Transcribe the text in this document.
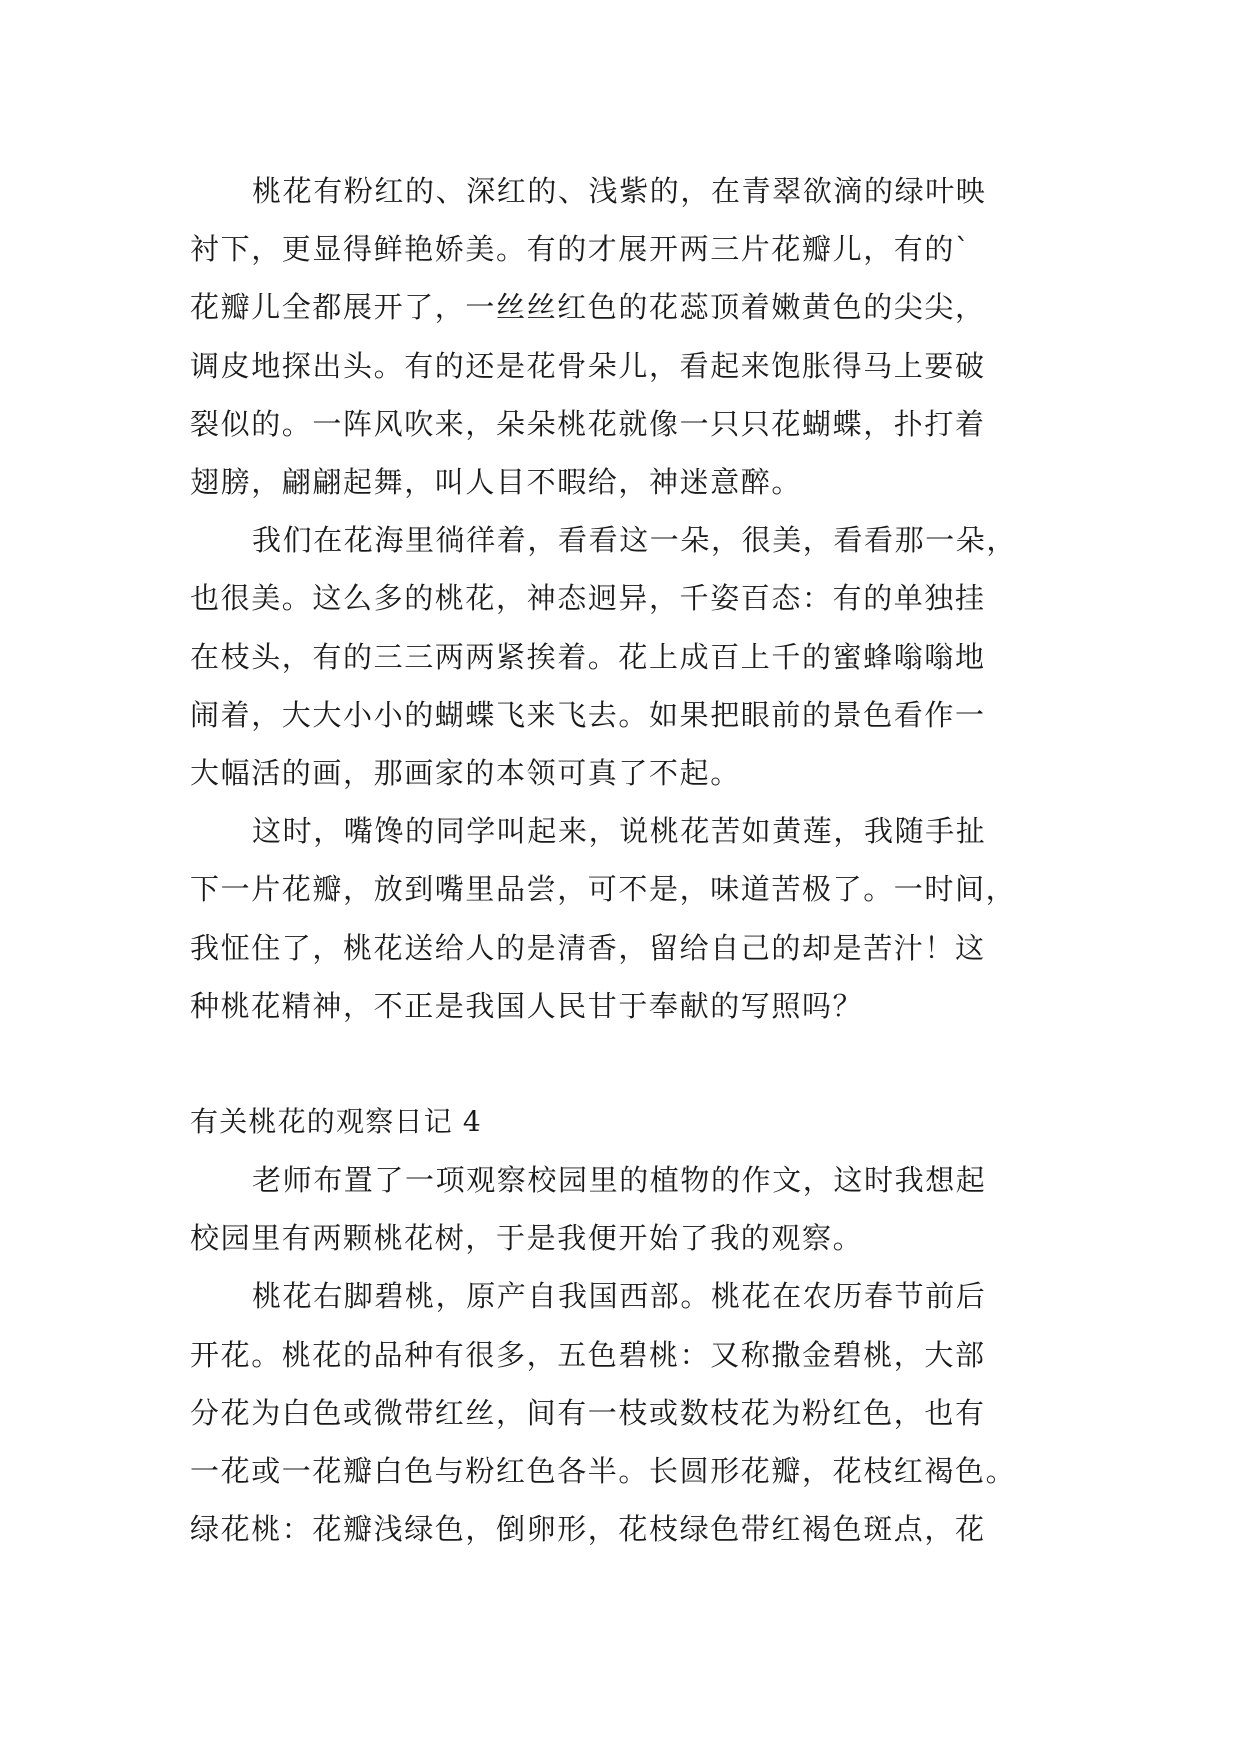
桃花有粉红的、深红的、浅紫的，在青翠欲滴的绿叶映
衬下，更显得鲜艳娇美。有的才展开两三片花瓣儿，有的`
花瓣儿全都展开了，一丝丝红色的花蕊顶着嫩黄色的尖尖，
调皮地探出头。有的还是花骨朵儿，看起来饱胀得马上要破
裂似的。一阵风吹来，朵朵桃花就像一只只花蝴蝶，扑打着
翅膀，翩翩起舞，叫人目不暇给，神迷意醉。
我们在花海里徜徉着，看看这一朵，很美，看看那一朵，
也很美。这么多的桃花，神态迥异，千姿百态：有的单独挂
在枝头，有的三三两两紧挨着。花上成百上千的蜜蜂嗡嗡地
闹着，大大小小的蝴蝶飞来飞去。如果把眼前的景色看作一
大幅活的画，那画家的本领可真了不起。
这时，嘴馋的同学叫起来，说桃花苦如黄莲，我随手扯
下一片花瓣，放到嘴里品尝，可不是，味道苦极了。一时间，
我怔住了，桃花送给人的是清香，留给自己的却是苦汁！这
种桃花精神，不正是我国人民甘于奉献的写照吗？
有关桃花的观察日记 4
老师布置了一项观察校园里的植物的作文，这时我想起
校园里有两颗桃花树，于是我便开始了我的观察。
桃花右脚碧桃，原产自我国西部。桃花在农历春节前后
开花。桃花的品种有很多，五色碧桃：又称撒金碧桃，大部
分花为白色或微带红丝，间有一枝或数枝花为粉红色，也有
一花或一花瓣白色与粉红色各半。长圆形花瓣，花枝红褐色。
绿花桃：花瓣浅绿色，倒卵形，花枝绿色带红褐色斑点，花
